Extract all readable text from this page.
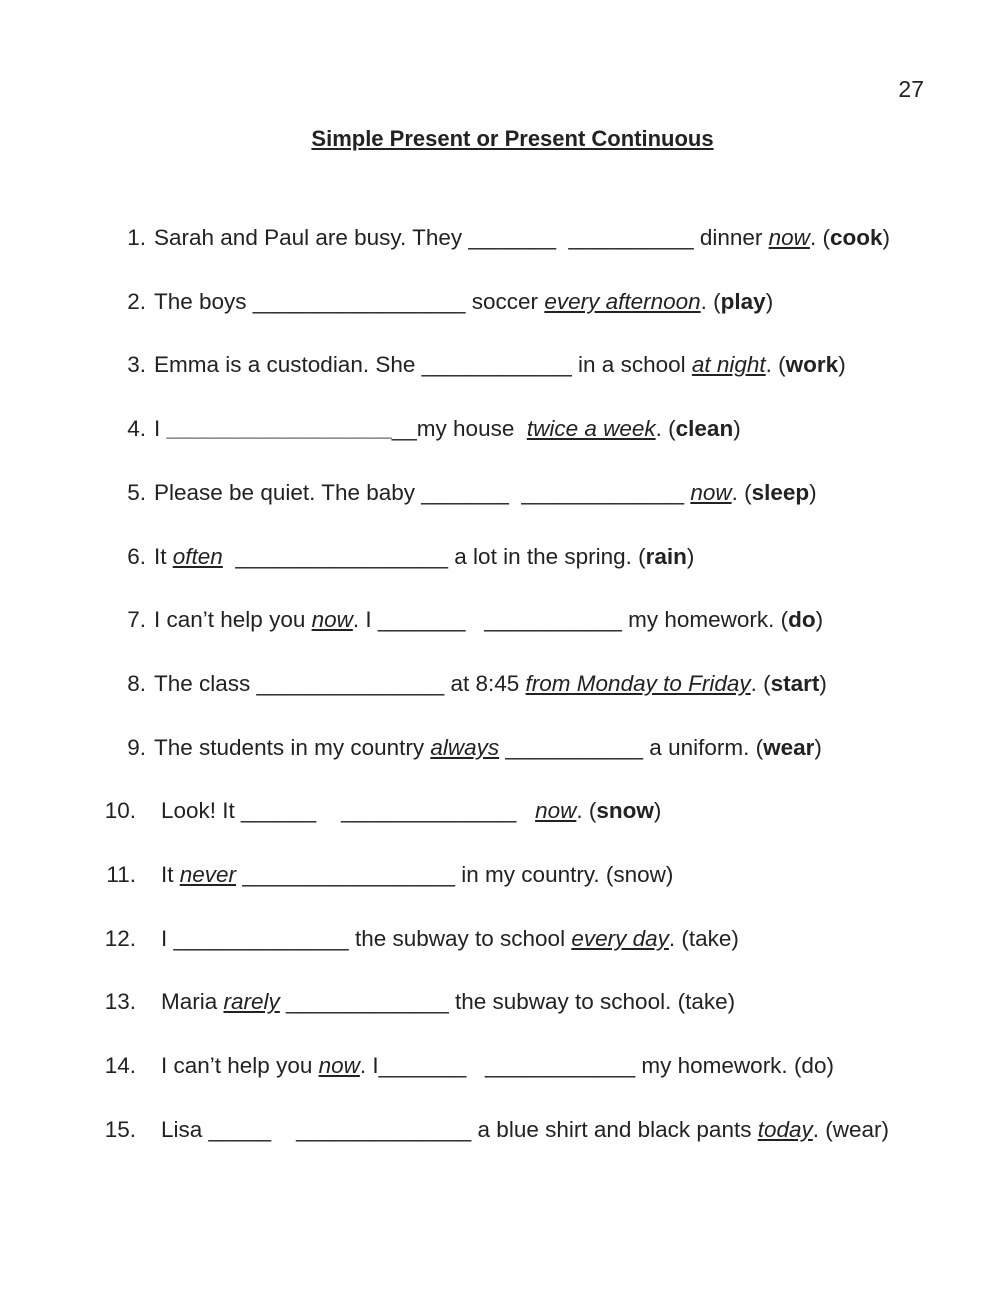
27
Simple Present or Present Continuous
1. Sarah and Paul are busy. They _______  __________ dinner now. (cook)
2. The boys _________________ soccer every afternoon. (play)
3. Emma is a custodian. She ____________ in a school at night. (work)
4. I ____________________my house  twice a week. (clean)
5. Please be quiet. The baby _______  _____________ now. (sleep)
6. It often  _________________ a lot in the spring. (rain)
7. I can’t help you now. I _______   ___________ my homework. (do)
8. The class _______________ at 8:45 from Monday to Friday. (start)
9. The students in my country always ___________ a uniform. (wear)
10. Look! It ______    ______________   now. (snow)
11. It never _________________ in my country. (snow)
12. I ______________ the subway to school every day. (take)
13. Maria rarely _____________ the subway to school. (take)
14. I can’t help you now. I_______   ____________ my homework. (do)
15. Lisa _____    ______________ a blue shirt and black pants today. (wear)
